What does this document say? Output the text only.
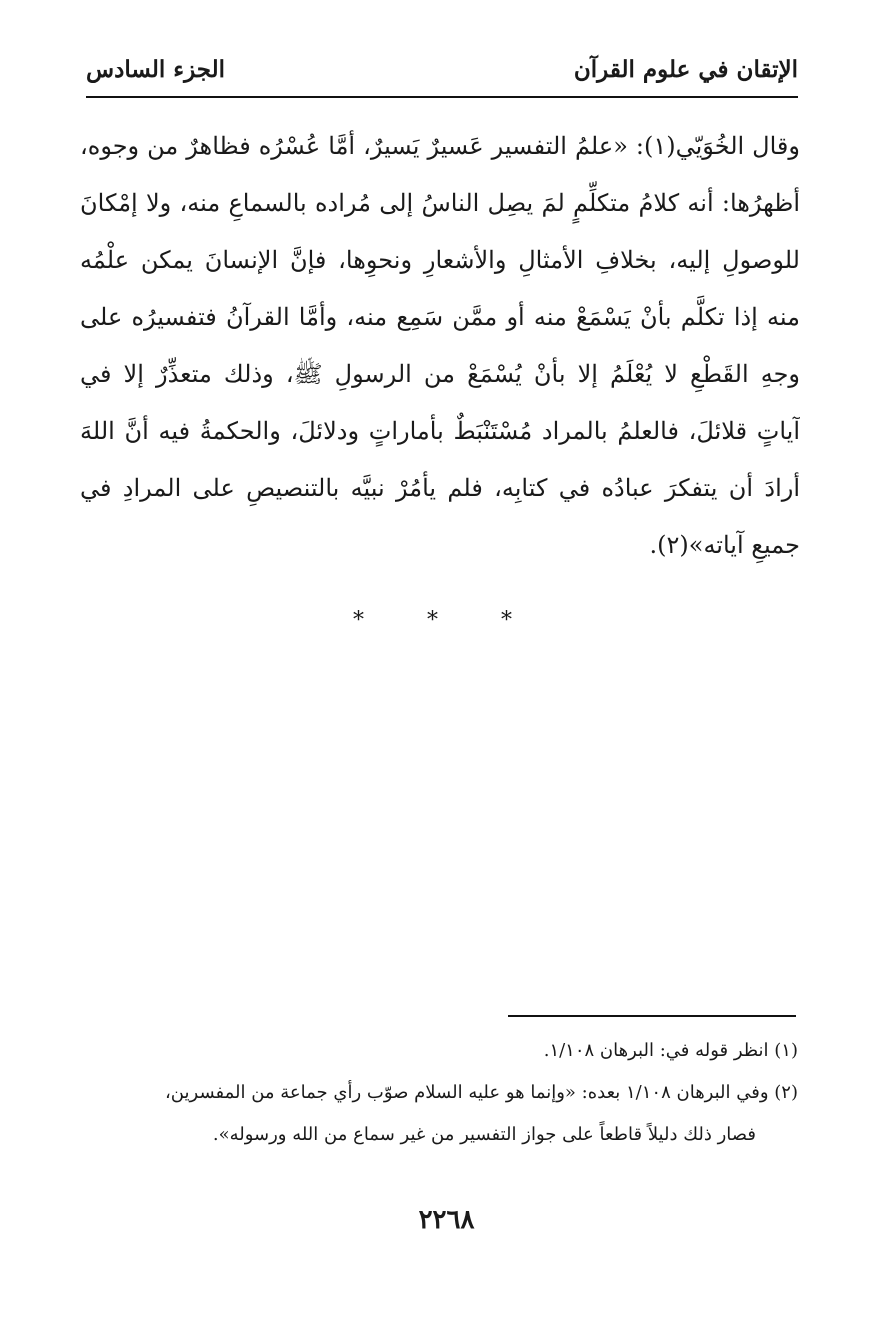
الإتقان في علوم القرآن
الجزء السادس
وقال الخُوَيّي(١): «علمُ التفسير عَسيرٌ يَسيرٌ، أمَّا عُسْرُه فظاهرٌ من وجوه،
أظهرُها: أنه كلامُ متكلِّمٍ لمَ يصِل الناسُ إلى مُراده بالسماعِ منه، ولا إمْكانَ
للوصولِ إليه، بخلافِ الأمثالِ والأشعارِ ونحوِها، فإنَّ الإنسانَ يمكن علْمُه
منه إذا تكلَّم بأنْ يَسْمَعْ منه أو ممَّن سَمِع منه، وأمَّا القرآنُ فتفسيرُه على
وجهِ القَطْعِ لا يُعْلَمُ إلا بأنْ يُسْمَعْ من الرسولِ ﷺ، وذلك متعذِّرٌ إلا في
آياتٍ قلائلَ، فالعلمُ بالمراد مُسْتَنْبَطٌ بأماراتٍ ودلائلَ، والحكمةُ فيه أنَّ اللهَ
أرادَ أن يتفكرَ عبادُه في كتابِه، فلم يأمُرْ نبيَّه بالتنصيصِ على المرادِ في
جميعِ آياته»(٢).
* * *
(١) انظر قوله في: البرهان ١/١٠٨.
(٢) وفي البرهان ١/١٠٨ بعده: «وإنما هو عليه السلام صوّب رأي جماعة من المفسرين،
فصار ذلك دليلاً قاطعاً على جواز التفسير من غير سماع من الله ورسوله».
٢٢٦٨
